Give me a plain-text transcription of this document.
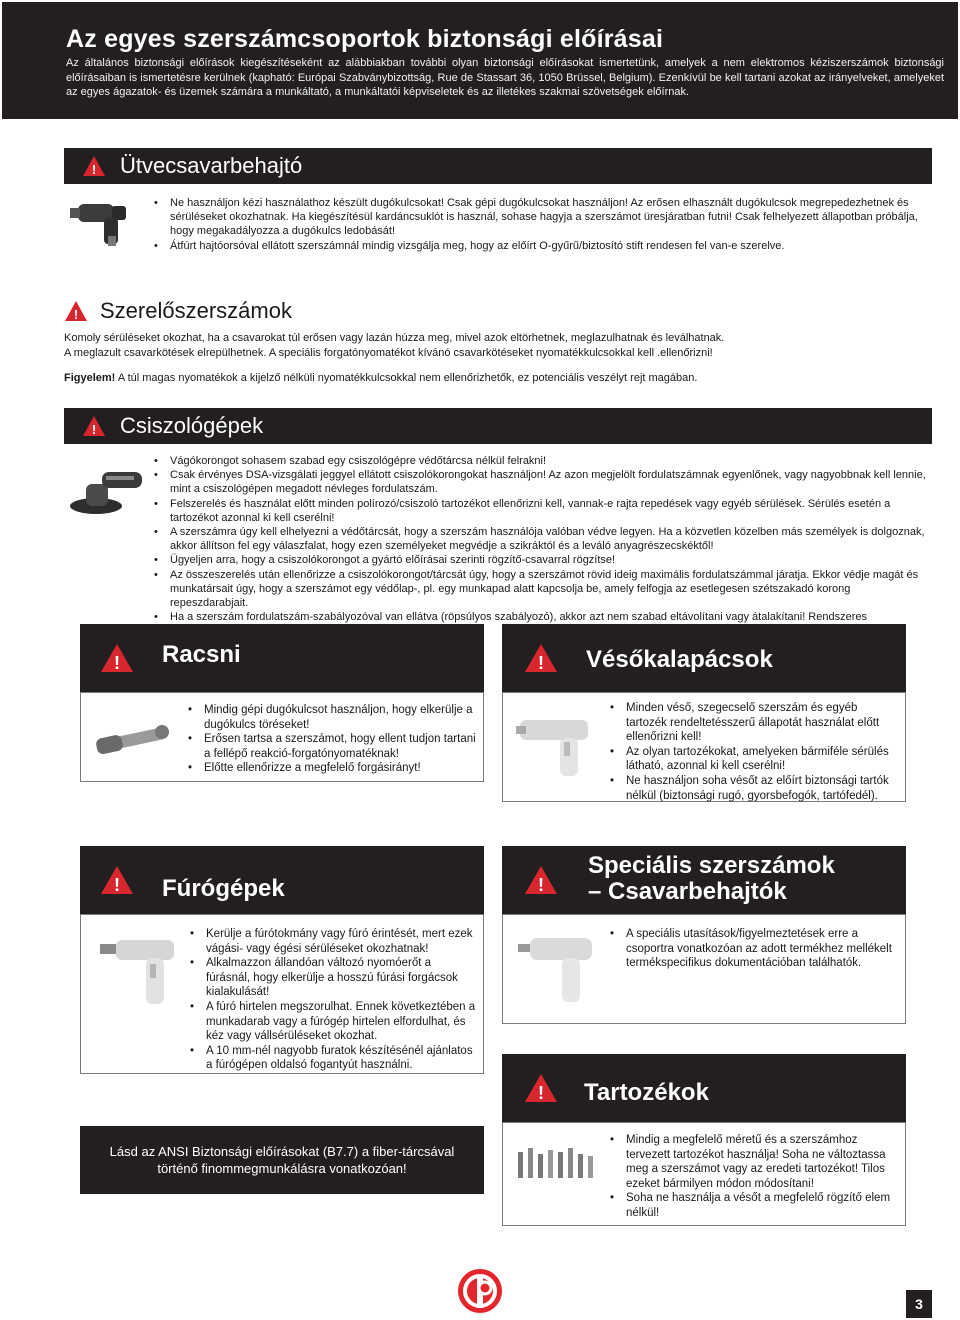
Az egyes szerszámcsoportok biztonsági előírásai

Az általános biztonsági előírások kiegészítéseként az alábbiakban további olyan biztonsági előírásokat ismertetünk, amelyek a nem elektromos kéziszerszámok biztonsági előírásaiban is ismertetésre kerülnek (kapható: Európai Szabványbizottság, Rue de Stassart 36, 1050 Brüssel, Belgium). Ezenkívül be kell tartani azokat az irányelveket, amelyeket az egyes ágazatok- és üzemek számára a munkáltató, a munkáltatói képviseletek és az illetékes szakmai szövetségek előírnak.

! Ütvecsavarbehajtó
• Ne használjon kézi használathoz készült dugókulcsokat! Csak gépi dugókulcsokat használjon! Az erősen elhasznált dugókulcsok megrepedezhetnek és sérüléseket okozhatnak. Ha kiegészítésül kardáncsuklót is használ, sohase hagyja a szerszámot üresjáratban futni! Csak felhelyezett állapotban próbálja, hogy megakadályozza a dugókulcs ledobását!
• Átfúrt hajtóorsóval ellátott szerszámnál mindig vizsgálja meg, hogy az előírt O-gyűrű/biztosító stift rendesen fel van-e szerelve.
! Szerelőszerszámok
Komoly sérüléseket okozhat, ha a csavarokat túl erősen vagy lazán húzza meg, mivel azok eltörhetnek, meglazulhatnak és leválhatnak.
A meglazult csavarkötések elrepülhetnek. A speciális forgatónyomatékot kívánó csavarkötéseket nyomatékkulcsokkal kell .ellenőrizni!
Figyelem! A túl magas nyomatékok a kijelző nélküli nyomatékkulcsokkal nem ellenőrizhetők, ez potenciális veszélyt rejt magában.
! Csiszológépek
• Vágókorongot sohasem szabad egy csiszológépre védőtárcsa nélkül felrakni!
• Csak érvényes DSA-vizsgálati jeggyel ellátott csiszolókorongokat használjon! Az azon megjelölt fordulatszámnak egyenlőnek, vagy nagyobbnak kell lennie, mint a csiszológépen megadott névleges fordulatszám.
• Felszerelés és használat előtt minden polírozó/csiszoló tartozékot ellenőrizni kell, vannak-e rajta repedések vagy egyéb sérülések. Sérülés esetén a tartozékot azonnal ki kell cserélni!
• A szerszámra úgy kell elhelyezni a védőtárcsát, hogy a szerszám használója valóban védve legyen. Ha a közvetlen közelben más személyek is dolgoznak, akkor állítson fel egy válaszfalat, hogy ezen személyeket megvédje a szikráktól és a leváló anyagrészecskéktől!
• Ügyeljen arra, hogy a csiszolókorongot a gyártó előírásai szerinti rögzítő-csavarral rögzítse!
• Az összeszerelés után ellenőrizze a csiszolókorongot/tárcsát úgy, hogy a szerszámot rövid ideig maximális fordulatszámmal járatja. Ekkor védje magát és munkatársait úgy, hogy a szerszámot egy védőlap-, pl. egy munkapad alatt kapcsolja be, amely felfogja az esetlegesen szétszakadó korong repeszdarabjait.
• Ha a szerszám fordulatszám-szabályozóval van ellátva (röpsúlyos szabályozó), akkor azt nem szabad eltávolítani vagy átalakítani! Rendszeres
! Racsni
• Mindig gépi dugókulcsot használjon, hogy elkerülje a dugókulcs töréseket!
• Erősen tartsa a szerszámot, hogy ellent tudjon tartani a fellépő reakció-forgatónyomatéknak!
• Előtte ellenőrizze a megfelelő forgásirányt!
! Vésőkalapácsok
• Minden véső, szegecselő szerszám és egyéb tartozék rendeltetésszerű állapotát használat előtt ellenőrizni kell!
• Az olyan tartozékokat, amelyeken bármiféle sérülés látható, azonnal ki kell cserélni!
• Ne használjon soha vésőt az előírt biztonsági tartók nélkül (biztonsági rugó, gyorsbefogók, tartófedél).
! Fúrógépek
• Kerülje a fúrótokmány vagy fúró érintését, mert ezek vágási- vagy égési sérüléseket okozhatnak!
• Alkalmazzon állandóan változó nyomóerőt a fúrásnál, hogy elkerülje a hosszú fúrási forgácsok kialakulását!
• A fúró hirtelen megszorulhat. Ennek következtében a munkadarab vagy a fúrógép hirtelen elfordulhat, és kéz vagy vállsérüléseket okozhat.
• A 10 mm-nél nagyobb furatok készítésénél ajánlatos a fúrógépen oldalsó fogantyút használni.
!
Speciális szerszámok
– Csavarbehajtók
• A speciális utasítások/figyelmeztetések erre a csoportra vonatkozóan az adott termékhez mellékelt termékspecifikus dokumentációban találhatók.
! Tartozékok
• Mindig a megfelelő méretű és a szerszámhoz tervezett tartozékot használja! Soha ne változtassa meg a szerszámot vagy az eredeti tartozékot! Tilos ezeket bármilyen módon módosítani!
• Soha ne használja a vésőt a megfelelő rögzítő elem nélkül!
Lásd az ANSI Biztonsági előírásokat (B7.7) a fiber-tárcsával történő finommegmunkálásra vonatkozóan!
3
